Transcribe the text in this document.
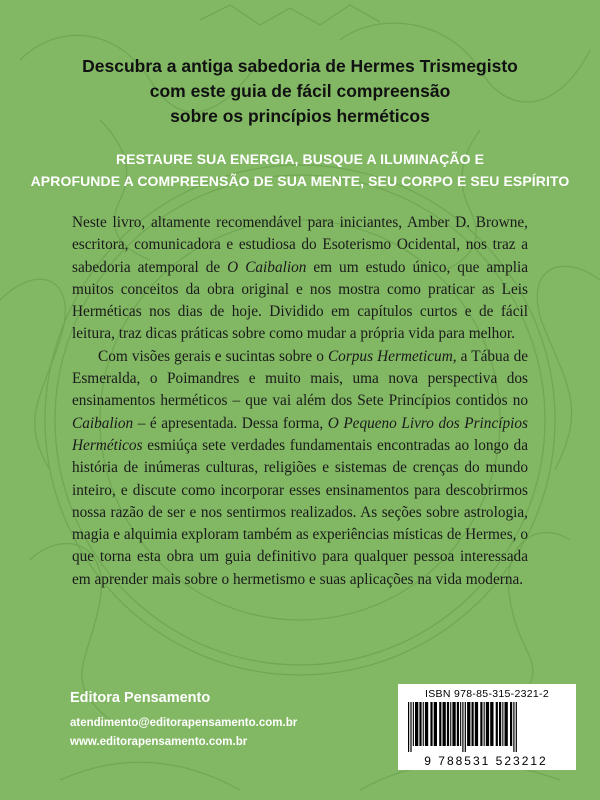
Descubra a antiga sabedoria de Hermes Trismegisto
com este guia de fácil compreensão
sobre os princípios herméticos
RESTAURE SUA ENERGIA, BUSQUE A ILUMINAÇÃO E
APROFUNDE A COMPREENSÃO DE SUA MENTE, SEU CORPO E SEU ESPÍRITO

Neste livro, altamente recomendável para iniciantes, Amber D. Browne, escritora, comunicadora e estudiosa do Esoterismo Ocidental, nos traz a sabedoria atemporal de O Caibalion em um estudo único, que amplia muitos conceitos da obra original e nos mostra como praticar as Leis Herméticas nos dias de hoje. Dividido em capítulos curtos e de fácil leitura, traz dicas práticas sobre como mudar a própria vida para melhor.

Com visões gerais e sucintas sobre o Corpus Hermeticum, a Tábua de Esmeralda, o Poimandres e muito mais, uma nova perspectiva dos ensinamentos herméticos – que vai além dos Sete Princípios contidos no Caibalion – é apresentada. Dessa forma, O Pequeno Livro dos Princípios Herméticos esmiúça sete verdades fundamentais encontradas ao longo da história de inúmeras culturas, religiões e sistemas de crenças do mundo inteiro, e discute como incorporar esses ensinamentos para descobrirmos nossa razão de ser e nos sentirmos realizados. As seções sobre astrologia, magia e alquimia exploram também as experiências místicas de Hermes, o que torna esta obra um guia definitivo para qualquer pessoa interessada em aprender mais sobre o hermetismo e suas aplicações na vida moderna.

Editora Pensamento
atendimento@editorapensamento.com.br
www.editorapensamento.com.br
ISBN 978-85-315-2321-2
9 788531 523212
